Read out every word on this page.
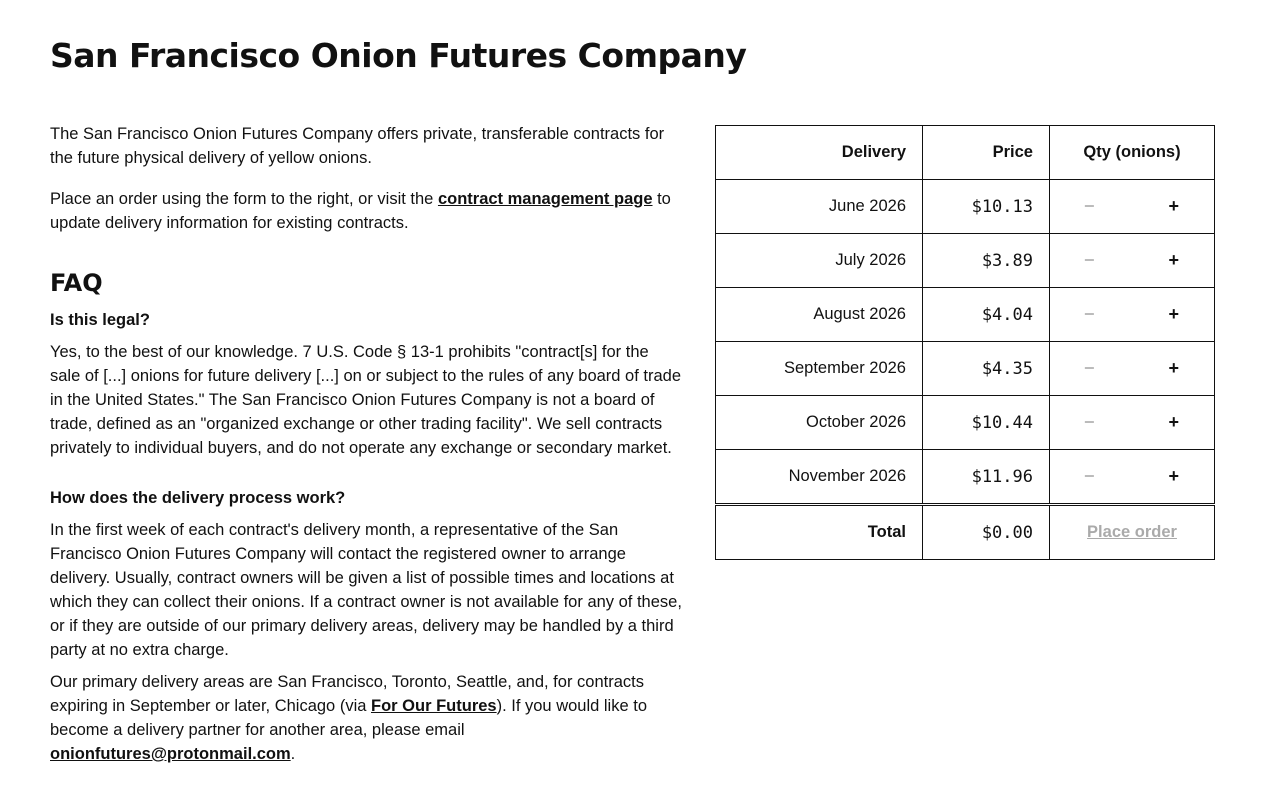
San Francisco Onion Futures Company

The San Francisco Onion Futures Company offers private, transferable contracts for the future physical delivery of yellow onions.

Place an order using the form to the right, or visit the contract management page to update delivery information for existing contracts.

FAQ

Is this legal?

Yes, to the best of our knowledge. 7 U.S. Code § 13-1 prohibits "contract[s] for the sale of [...] onions for future delivery [...] on or subject to the rules of any board of trade in the United States." The San Francisco Onion Futures Company is not a board of trade, defined as an "organized exchange or other trading facility". We sell contracts privately to individual buyers, and do not operate any exchange or secondary market.

How does the delivery process work?

In the first week of each contract's delivery month, a representative of the San Francisco Onion Futures Company will contact the registered owner to arrange delivery. Usually, contract owners will be given a list of possible times and locations at which they can collect their onions. If a contract owner is not available for any of these, or if they are outside of our primary delivery areas, delivery may be handled by a third party at no extra charge.

Our primary delivery areas are San Francisco, Toronto, Seattle, and, for contracts expiring in September or later, Chicago (via For Our Futures). If you would like to become a delivery partner for another area, please email onionfutures@protonmail.com.

Delivery	Price	Qty (onions)
June 2026	$10.13	− +

July 2026	$3.89	− +

August 2026	$4.04	− +

September 2026	$4.35	− +

October 2026	$10.44	− +

November 2026	$11.96	− +

Total	$0.00	Place order
